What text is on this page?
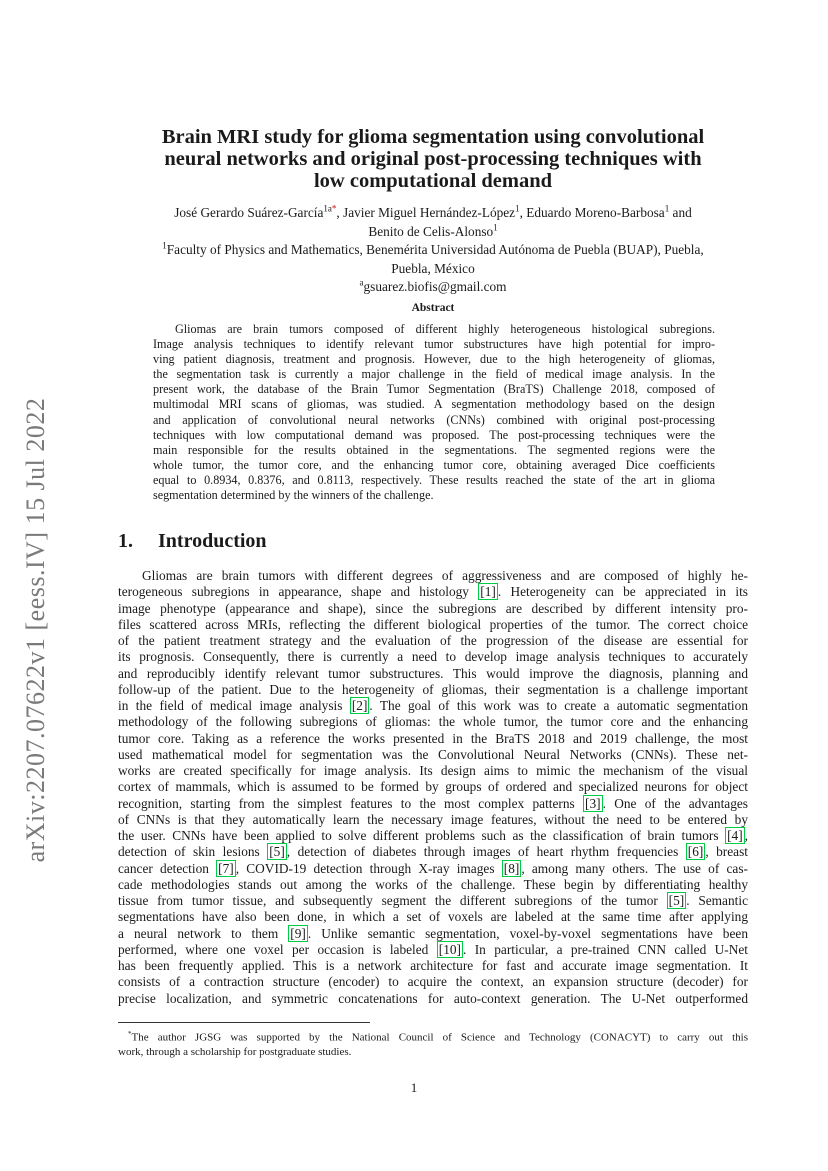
arXiv:2207.07622v1 [eess.IV] 15 Jul 2022
Brain MRI study for glioma segmentation using convolutional
neural networks and original post-processing techniques with
low computational demand
José Gerardo Suárez-García$^{1a*}$, Javier Miguel Hernández-López$^1$, Eduardo Moreno-Barbosa$^1$ and
Benito de Celis-Alonso$^1$
$^1$Faculty of Physics and Mathematics, Benemérita Universidad Autónoma de Puebla (BUAP), Puebla,
Puebla, México
$^a$gsuarez.biofis@gmail.com
Abstract
Gliomas are brain tumors composed of different highly heterogeneous histological subregions.
Image analysis techniques to identify relevant tumor substructures have high potential for impro-
ving patient diagnosis, treatment and prognosis. However, due to the high heterogeneity of gliomas,
the segmentation task is currently a major challenge in the field of medical image analysis. In the
present work, the database of the Brain Tumor Segmentation (BraTS) Challenge 2018, composed of
multimodal MRI scans of gliomas, was studied. A segmentation methodology based on the design
and application of convolutional neural networks (CNNs) combined with original post-processing
techniques with low computational demand was proposed. The post-processing techniques were the
main responsible for the results obtained in the segmentations. The segmented regions were the
whole tumor, the tumor core, and the enhancing tumor core, obtaining averaged Dice coefficients
equal to 0.8934, 0.8376, and 0.8113, respectively. These results reached the state of the art in glioma
segmentation determined by the winners of the challenge.
1. Introduction
Gliomas are brain tumors with different degrees of aggressiveness and are composed of highly he-
terogeneous subregions in appearance, shape and histology [1] . Heterogeneity can be appreciated in its
image phenotype (appearance and shape), since the subregions are described by different intensity pro-
files scattered across MRIs, reflecting the different biological properties of the tumor. The correct choice
of the patient treatment strategy and the evaluation of the progression of the disease are essential for
its prognosis. Consequently, there is currently a need to develop image analysis techniques to accurately
and reproducibly identify relevant tumor substructures. This would improve the diagnosis, planning and
follow-up of the patient. Due to the heterogeneity of gliomas, their segmentation is a challenge important
in the field of medical image analysis [2] . The goal of this work was to create a automatic segmentation
methodology of the following subregions of gliomas: the whole tumor, the tumor core and the enhancing
tumor core. Taking as a reference the works presented in the BraTS 2018 and 2019 challenge, the most
used mathematical model for segmentation was the Convolutional Neural Networks (CNNs). These net-
works are created specifically for image analysis. Its design aims to mimic the mechanism of the visual
cortex of mammals, which is assumed to be formed by groups of ordered and specialized neurons for object
recognition, starting from the simplest features to the most complex patterns [3] . One of the advantages
of CNNs is that they automatically learn the necessary image features, without the need to be entered by
the user. CNNs have been applied to solve different problems such as the classification of brain tumors [4] ,
detection of skin lesions [5] , detection of diabetes through images of heart rhythm frequencies [6] , breast
cancer detection [7] , COVID-19 detection through X-ray images [8] , among many others. The use of cas-
cade methodologies stands out among the works of the challenge. These begin by differentiating healthy
tissue from tumor tissue, and subsequently segment the different subregions of the tumor [5] . Semantic
segmentations have also been done, in which a set of voxels are labeled at the same time after applying
a neural network to them [9] . Unlike semantic segmentation, voxel-by-voxel segmentations have been
performed, where one voxel per occasion is labeled [10] . In particular, a pre-trained CNN called U-Net
has been frequently applied. This is a network architecture for fast and accurate image segmentation. It
consists of a contraction structure (encoder) to acquire the context, an expansion structure (decoder) for
precise localization, and symmetric concatenations for auto-context generation. The U-Net outperformed
*The author JGSG was supported by the National Council of Science and Technology (CONACYT) to carry out this
work, through a scholarship for postgraduate studies.
1
